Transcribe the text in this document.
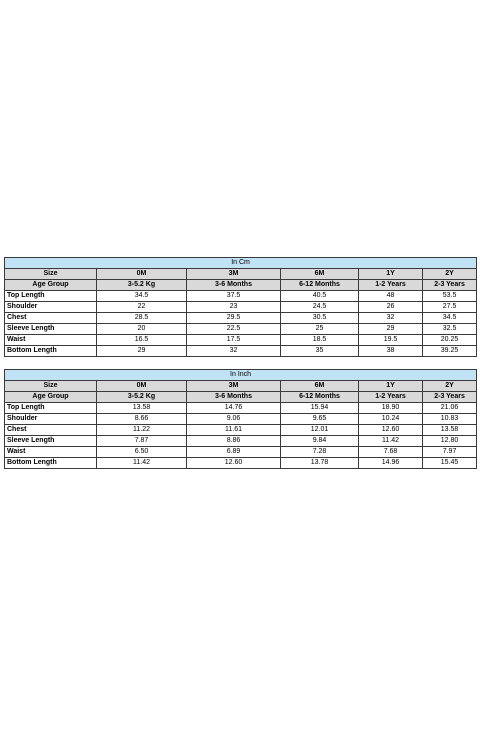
In Cm					
Size	0M	3M	6M	1Y	2Y
Age Group	3-5.2 Kg	3-6 Months	6-12 Months	1-2 Years	2-3 Years
Top Length	34.5	37.5	40.5	48	53.5
Shoulder	22	23	24.5	26	27.5
Chest	28.5	29.5	30.5	32	34.5
Sleeve Length	20	22.5	25	29	32.5
Waist	16.5	17.5	18.5	19.5	20.25
Bottom Length	29	32	35	38	39.25
In Inch					
Size	0M	3M	6M	1Y	2Y
Age Group	3-5.2 Kg	3-6 Months	6-12 Months	1-2 Years	2-3 Years
Top Length	13.58	14.76	15.94	18.90	21.06
Shoulder	8.66	9.06	9.65	10.24	10.83
Chest	11.22	11.61	12.01	12.60	13.58
Sleeve Length	7.87	8.86	9.84	11.42	12.80
Waist	6.50	6.89	7.28	7.68	7.97
Bottom Length	11.42	12.60	13.78	14.96	15.45
